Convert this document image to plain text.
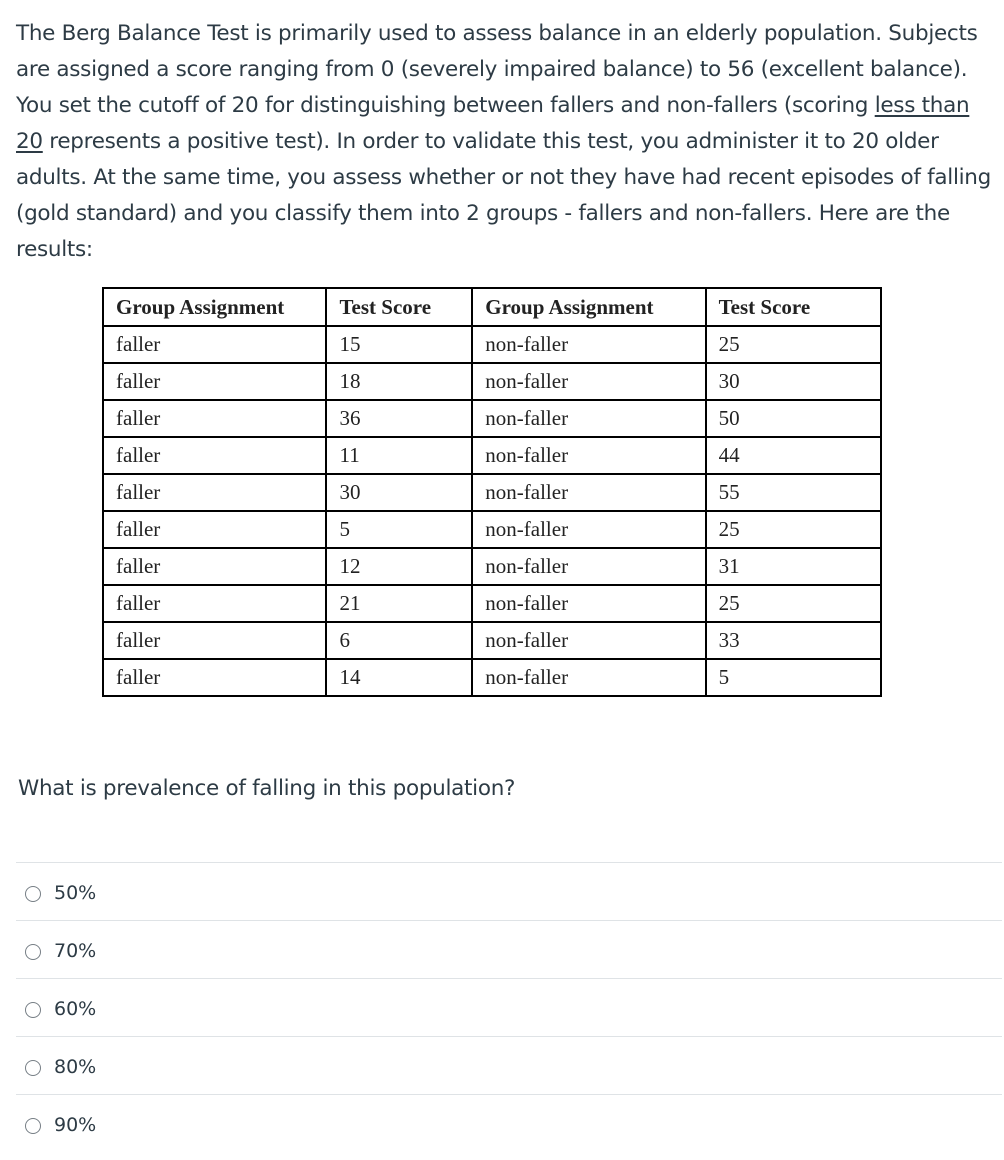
The Berg Balance Test is primarily used to assess balance in an elderly population. Subjects are assigned a score ranging from 0 (severely impaired balance) to 56 (excellent balance). You set the cutoff of 20 for distinguishing between fallers and non-fallers (scoring less than 20 represents a positive test). In order to validate this test, you administer it to 20 older adults. At the same time, you assess whether or not they have had recent episodes of falling (gold standard) and you classify them into 2 groups - fallers and non-fallers. Here are the results:

Group Assignment	Test Score	Group Assignment	Test Score
faller	15	non-faller	25
faller	18	non-faller	30
faller	36	non-faller	50
faller	11	non-faller	44
faller	30	non-faller	55
faller	5	non-faller	25
faller	12	non-faller	31
faller	21	non-faller	25
faller	6	non-faller	33
faller	14	non-faller	5

What is prevalence of falling in this population?

50%
70%
60%
80%
90%
